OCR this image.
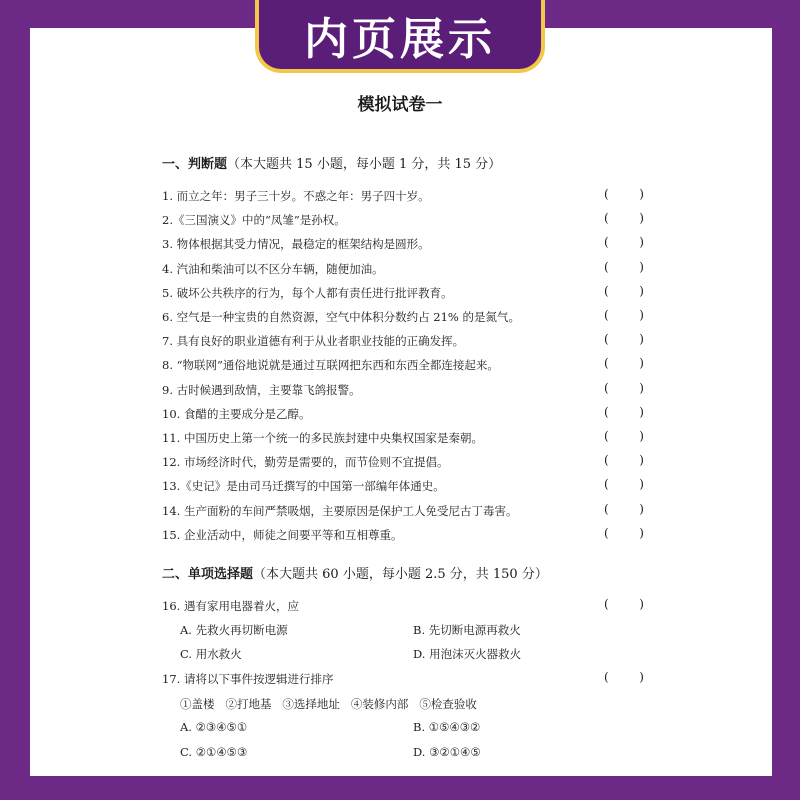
内页展示
模拟试卷一
一、判断题（本大题共 15 小题，每小题 1 分，共 15 分）
1. 而立之年：男子三十岁。不惑之年：男子四十岁。	(        )
2.《三国演义》中的“凤雏”是孙权。	(        )
3. 物体根据其受力情况，最稳定的框架结构是圆形。	(        )
4. 汽油和柴油可以不区分车辆，随便加油。	(        )
5. 破坏公共秩序的行为，每个人都有责任进行批评教育。	(        )
6. 空气是一种宝贵的自然资源，空气中体积分数约占 21% 的是氮气。	(        )
7. 具有良好的职业道德有利于从业者职业技能的正确发挥。	(        )
8. “物联网”通俗地说就是通过互联网把东西和东西全都连接起来。	(        )
9. 古时候遇到敌情，主要靠飞鸽报警。	(        )
10. 食醋的主要成分是乙醇。	(        )
11. 中国历史上第一个统一的多民族封建中央集权国家是秦朝。	(        )
12. 市场经济时代，勤劳是需要的，而节俭则不宜提倡。	(        )
13.《史记》是由司马迁撰写的中国第一部编年体通史。	(        )
14. 生产面粉的车间严禁吸烟，主要原因是保护工人免受尼古丁毒害。	(        )
15. 企业活动中，师徒之间要平等和互相尊重。	(        )
二、单项选择题（本大题共 60 小题，每小题 2.5 分，共 150 分）
16. 遇有家用电器着火，应	(        )
A. 先救火再切断电源	B. 先切断电源再救火
C. 用水救火	D. 用泡沫灭火器救火
17. 请将以下事件按逻辑进行排序	(        )
①盖楼   ②打地基   ③选择地址   ④装修内部   ⑤检查验收
A. ②③④⑤①	B. ①⑤④③②
C. ②①④⑤③	D. ③②①④⑤
